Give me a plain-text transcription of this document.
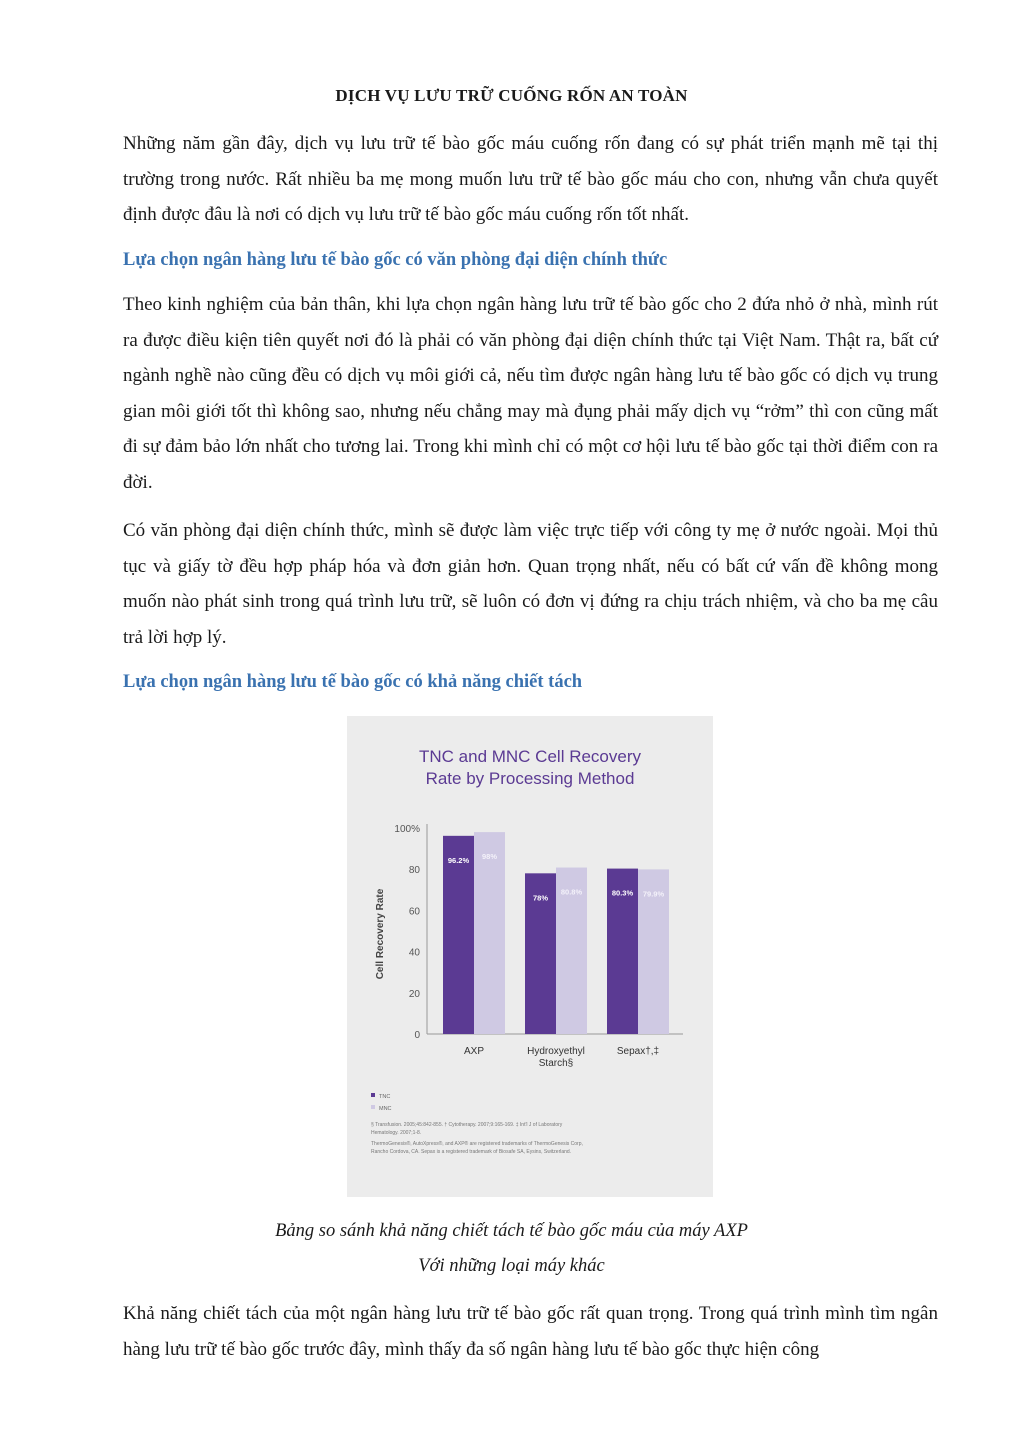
DỊCH VỤ LƯU TRỮ CUỐNG RỐN AN TOÀN

Những năm gần đây, dịch vụ lưu trữ tế bào gốc máu cuống rốn đang có sự phát triển mạnh mẽ tại thị trường trong nước. Rất nhiều ba mẹ mong muốn lưu trữ tế bào gốc máu cho con, nhưng vẫn chưa quyết định được đâu là nơi có dịch vụ lưu trữ tế bào gốc máu cuống rốn tốt nhất.

Lựa chọn ngân hàng lưu tế bào gốc có văn phòng đại diện chính thức

Theo kinh nghiệm của bản thân, khi lựa chọn ngân hàng lưu trữ tế bào gốc cho 2 đứa nhỏ ở nhà, mình rút ra được điều kiện tiên quyết nơi đó là phải có văn phòng đại diện chính thức tại Việt Nam. Thật ra, bất cứ ngành nghề nào cũng đều có dịch vụ môi giới cả, nếu tìm được ngân hàng lưu tế bào gốc có dịch vụ trung gian môi giới tốt thì không sao, nhưng nếu chẳng may mà đụng phải mấy dịch vụ “rởm” thì con cũng mất đi sự đảm bảo lớn nhất cho tương lai. Trong khi mình chỉ có một cơ hội lưu tế bào gốc tại thời điểm con ra đời.

Có văn phòng đại diện chính thức, mình sẽ được làm việc trực tiếp với công ty mẹ ở nước ngoài. Mọi thủ tục và giấy tờ đều hợp pháp hóa và đơn giản hơn. Quan trọng nhất, nếu có bất cứ vấn đề không mong muốn nào phát sinh trong quá trình lưu trữ, sẽ luôn có đơn vị đứng ra chịu trách nhiệm, và cho ba mẹ câu trả lời hợp lý.

Lựa chọn ngân hàng lưu tế bào gốc có khả năng chiết tách

TNC and MNC Cell Recovery
Rate by Processing Method
Cell Recovery Rate
0
20
40
60
80
100%
96.2% 98%
AXP
78%
80.8%
Hydroxyethyl
Starch§
80.3% 79.9%
Sepax†,‡
TNC
MNC
§ Transfusion. 2005;45:842-855. † Cytotherapy. 2007;9:165-169. ‡ Int'l J of Laboratory
Hematology. 2007;1-8.
ThermoGenesis®, AutoXpress®, and AXP® are registered trademarks of ThermoGenesis Corp,
Rancho Cordova, CA. Sepax is a registered trademark of Biosafe SA, Eysins, Switzerland.
Bảng so sánh khả năng chiết tách tế bào gốc máu của máy AXP
Với những loại máy khác

Khả năng chiết tách của một ngân hàng lưu trữ tế bào gốc rất quan trọng. Trong quá trình mình tìm ngân hàng lưu trữ tế bào gốc trước đây, mình thấy đa số ngân hàng lưu tế bào gốc thực hiện công
